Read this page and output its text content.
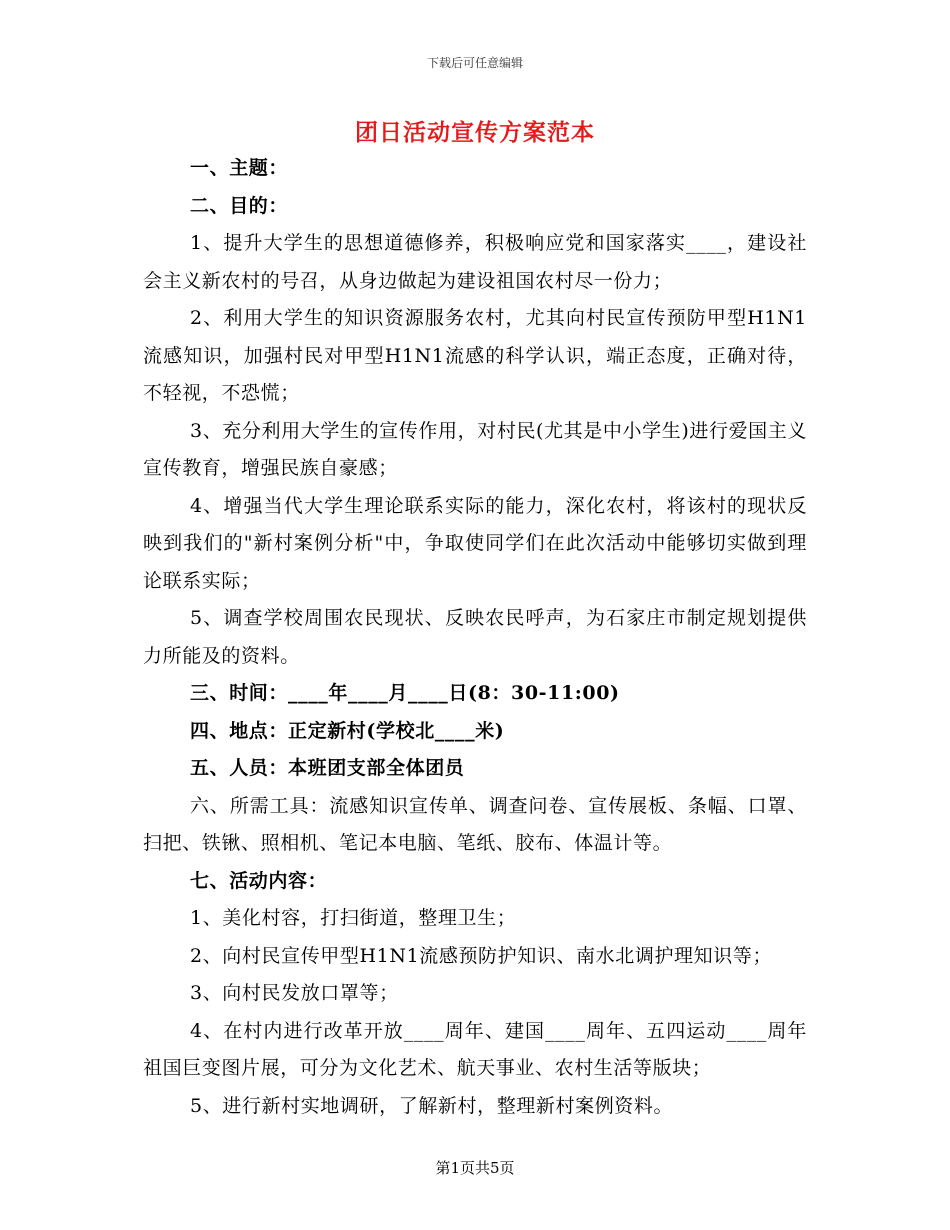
下载后可任意编辑
团日活动宣传方案范本

一、主题：

二、目的：

1、提升大学生的思想道德修养，积极响应党和国家落实____，建设社会主义新农村的号召，从身边做起为建设祖国农村尽一份力；

2、利用大学生的知识资源服务农村，尤其向村民宣传预防甲型H1N1流感知识，加强村民对甲型H1N1流感的科学认识，端正态度，正确对待，不轻视，不恐慌；

3、充分利用大学生的宣传作用，对村民(尤其是中小学生)进行爱国主义宣传教育，增强民族自豪感；

4、增强当代大学生理论联系实际的能力，深化农村，将该村的现状反映到我们的"新村案例分析"中，争取使同学们在此次活动中能够切实做到理论联系实际；

5、调查学校周围农民现状、反映农民呼声，为石家庄市制定规划提供力所能及的资料。

三、时间：____年____月____日(8：30-11:00)

四、地点：正定新村(学校北____米)

五、人员：本班团支部全体团员

六、所需工具：流感知识宣传单、调查问卷、宣传展板、条幅、口罩、扫把、铁锹、照相机、笔记本电脑、笔纸、胶布、体温计等。

七、活动内容：

1、美化村容，打扫街道，整理卫生；

2、向村民宣传甲型H1N1流感预防护知识、南水北调护理知识等；

3、向村民发放口罩等；

4、在村内进行改革开放____周年、建国____周年、五四运动____周年祖国巨变图片展，可分为文化艺术、航天事业、农村生活等版块；

5、进行新村实地调研，了解新村，整理新村案例资料。

第1页共5页
